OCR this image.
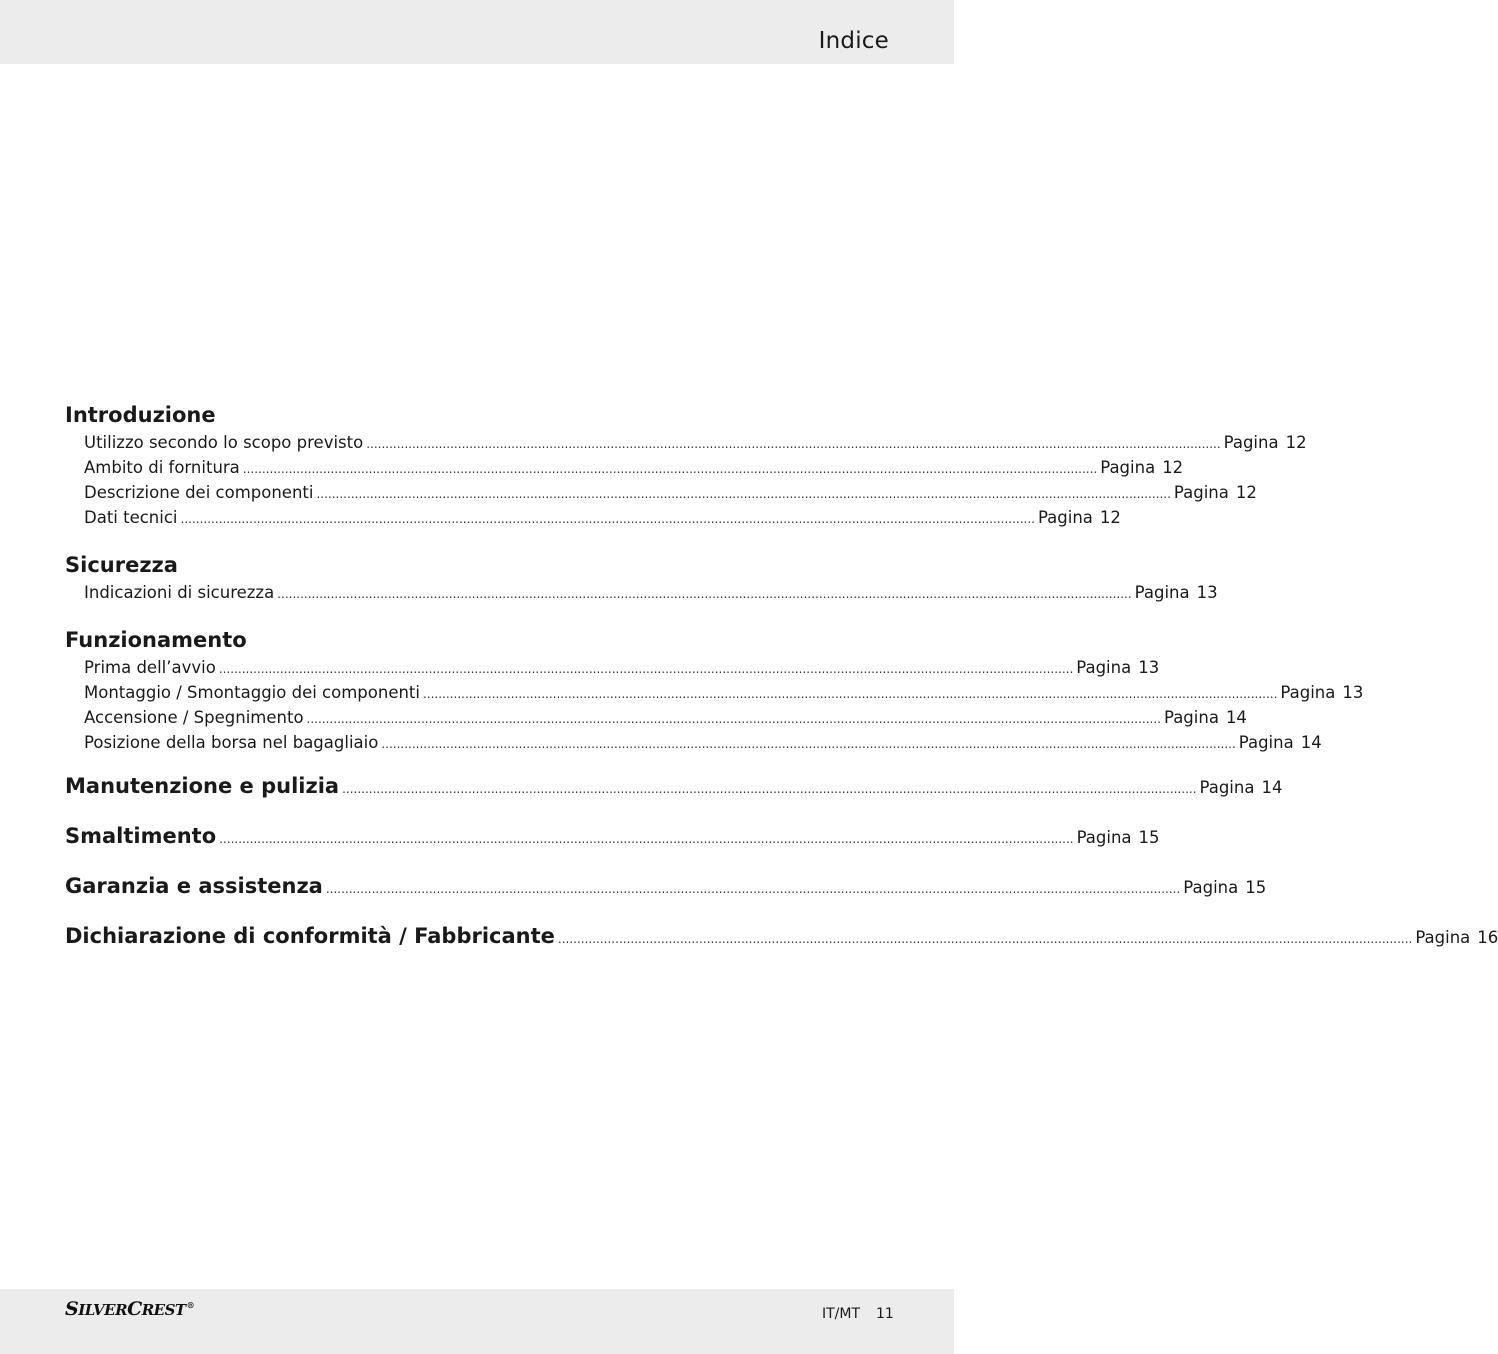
Indice
Introduzione
Utilizzo secondo lo scopo previsto ................................................................................................................................................................................................................................ Pagina 12
Ambito di fornitura ................................................................................................................................................................................................................................ Pagina 12
Descrizione dei componenti ................................................................................................................................................................................................................................ Pagina 12
Dati tecnici ................................................................................................................................................................................................................................ Pagina 12
Sicurezza
Indicazioni di sicurezza ................................................................................................................................................................................................................................ Pagina 13
Funzionamento
Prima dell’avvio ................................................................................................................................................................................................................................ Pagina 13
Montaggio / Smontaggio dei componenti ................................................................................................................................................................................................................................ Pagina 13
Accensione / Spegnimento ................................................................................................................................................................................................................................ Pagina 14
Posizione della borsa nel bagagliaio ................................................................................................................................................................................................................................ Pagina 14
Manutenzione e pulizia ................................................................................................................................................................................................................................ Pagina 14
Smaltimento ................................................................................................................................................................................................................................ Pagina 15
Garanzia e assistenza ................................................................................................................................................................................................................................ Pagina 15
Dichiarazione di conformità / Fabbricante ................................................................................................................................................................................................................................ Pagina 16
SILVERCREST®
IT/MT 11
